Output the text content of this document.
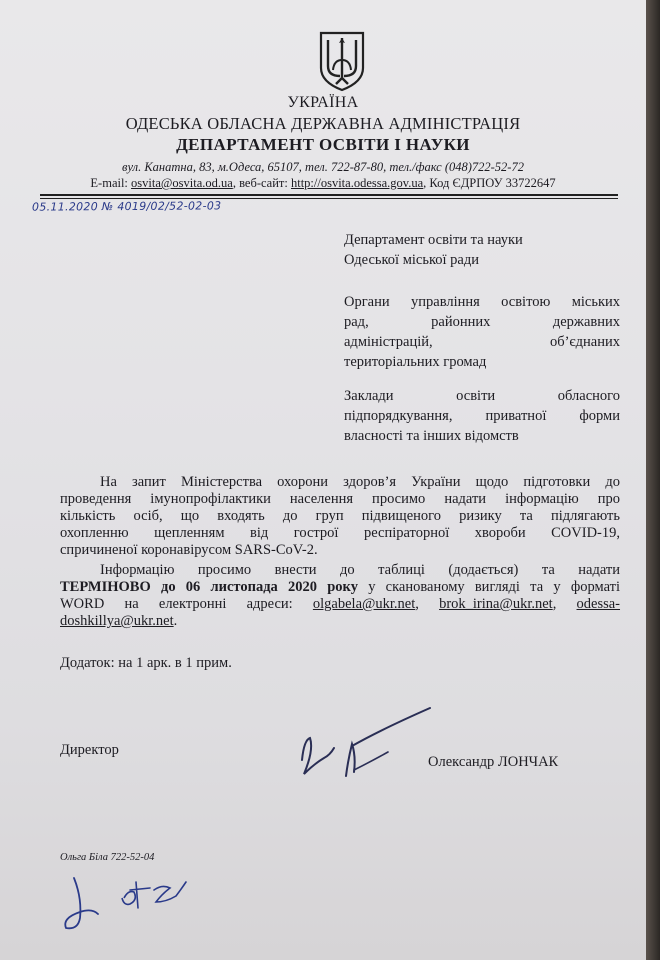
УКРАЇНА
ОДЕСЬКА ОБЛАСНА ДЕРЖАВНА АДМІНІСТРАЦІЯ
ДЕПАРТАМЕНТ ОСВІТИ І НАУКИ
вул. Канатна, 83, м.Одеса, 65107, тел. 722-87-80, тел./факс (048)722-52-72
E-mail: osvita@osvita.od.ua, веб-сайт: http://osvita.odessa.gov.ua, Код ЄДРПОУ 33722647
05.11.2020 № 4019/02/52-02-03
Департамент освіти та науки
Одеської міської ради
Органи управління освітою міських
рад, районних державних
адміністрацій, об’єднаних
територіальних громад
Заклади освіти обласного
підпорядкування, приватної форми
власності та інших відомств
На запит Міністерства охорони здоров’я України щодо підготовки до
проведення імунопрофілактики населення просимо надати інформацію про
кількість осіб, що входять до груп підвищеного ризику та підлягають
охопленню щепленням від гострої респіраторної хвороби COVID-19,
спричиненої коронавірусом SARS-CoV-2.
Інформацію просимо внести до таблиці (додається) та надати
ТЕРМІНОВО до 06 листопада 2020 року у сканованому вигляді та у форматі
WORD на електронні адреси: olgabela@ukr.net, brok_irina@ukr.net, odessa-
doshkillya@ukr.net.
Додаток: на 1 арк. в 1 прим.
Директор
Олександр ЛОНЧАК
Ольга Біла 722-52-04
